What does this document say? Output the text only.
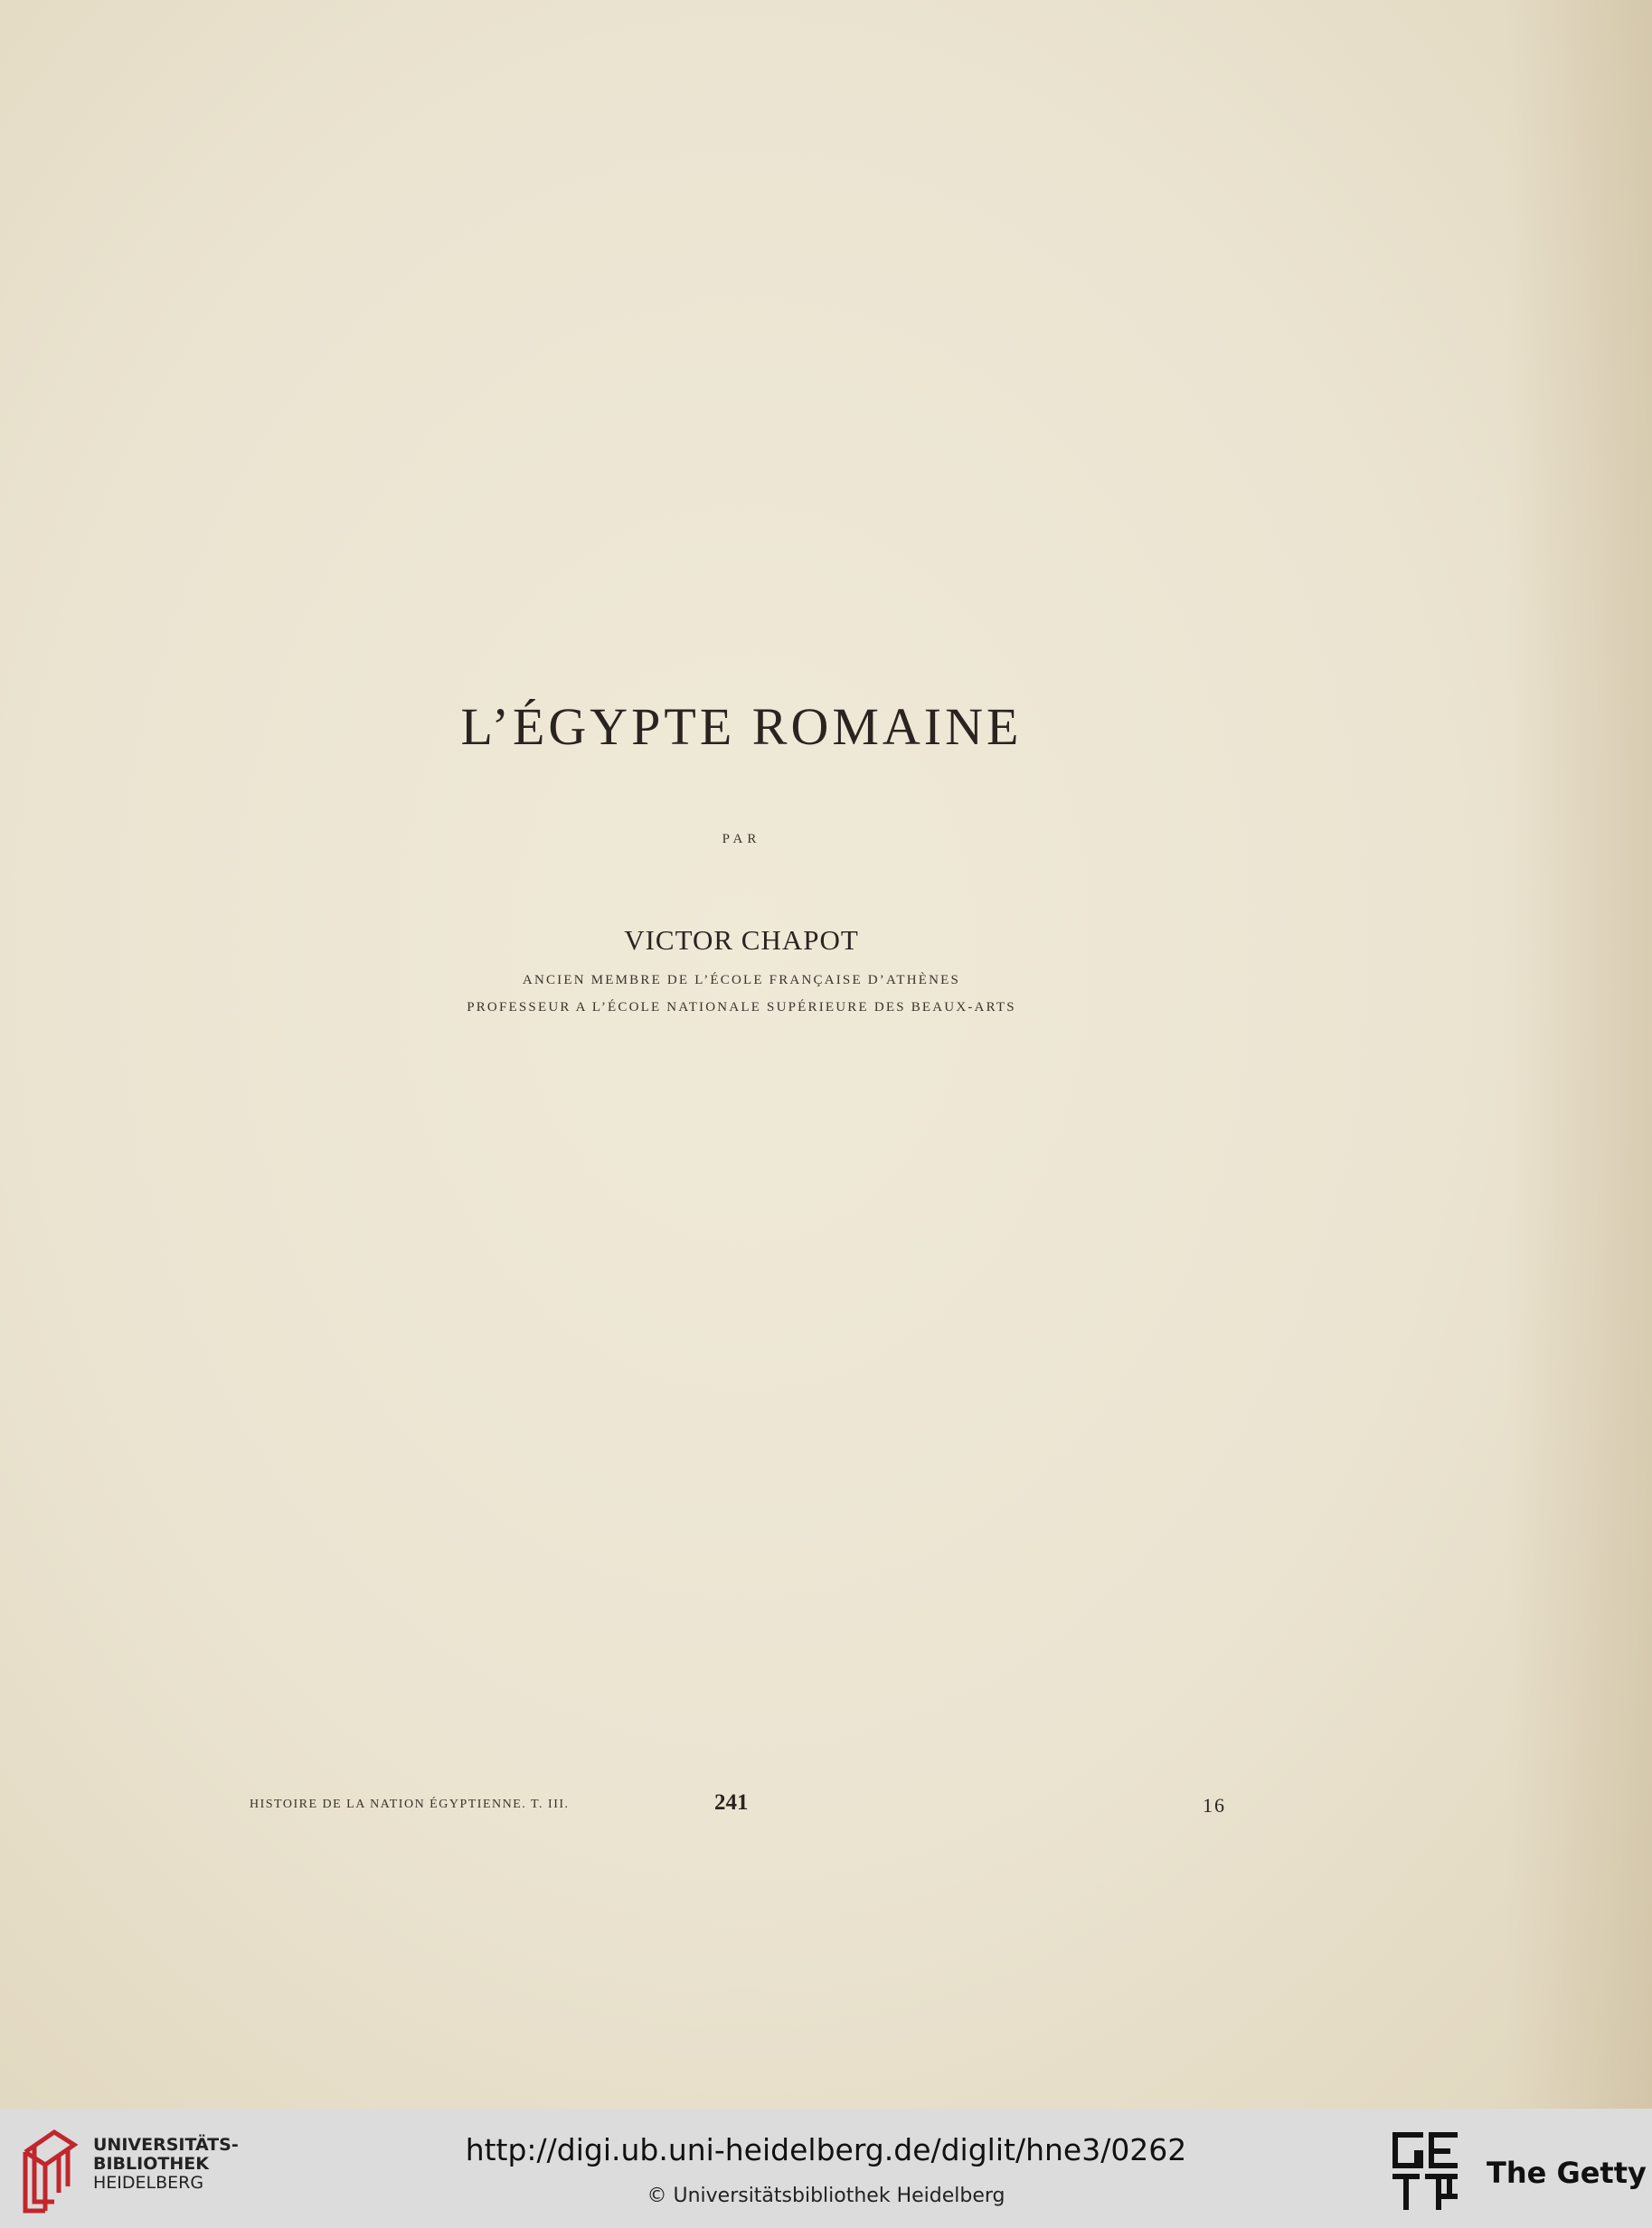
L’ÉGYPTE ROMAINE
PAR
VICTOR CHAPOT
ANCIEN MEMBRE DE L’ÉCOLE FRANÇAISE D’ATHÈNES
PROFESSEUR A L’ÉCOLE NATIONALE SUPÉRIEURE DES BEAUX-ARTS
HISTOIRE DE LA NATION ÉGYPTIENNE. T. III.	241	16
UNIVERSITÄTS-
BIBLIOTHEK
HEIDELBERG
http://digi.ub.uni-heidelberg.de/diglit/hne3/0262
© Universitätsbibliothek Heidelberg
The Getty
